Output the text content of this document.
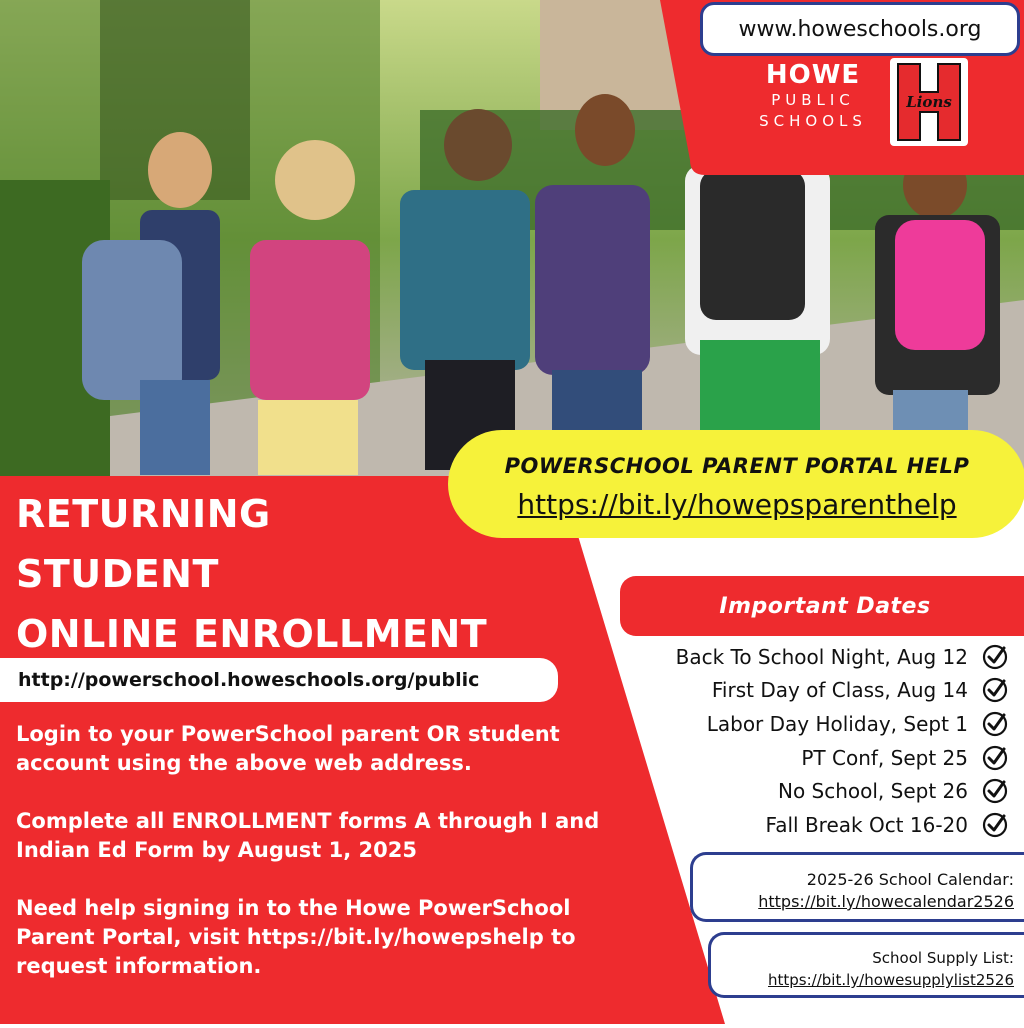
www.howeschools.org
HOWE
PUBLIC
SCHOOLS
Lions
POWERSCHOOL PARENT PORTAL HELP
https://bit.ly/howepsparenthelp
RETURNING
STUDENT
ONLINE ENROLLMENT
http://powerschool.howeschools.org/public

Login to your PowerSchool parent OR student account using the above web address.

Complete all ENROLLMENT forms A through I and Indian Ed Form by August 1, 2025

Need help signing in to the Howe PowerSchool Parent Portal, visit https://bit.ly/howepshelp to request information.

Important Dates
Back To School Night, Aug 12
First Day of Class, Aug 14
Labor Day Holiday, Sept 1
PT Conf, Sept 25
No School, Sept 26
Fall Break Oct 16-20
2025-26 School Calendar:
https://bit.ly/howecalendar2526
School Supply List:
https://bit.ly/howesupplylist2526
